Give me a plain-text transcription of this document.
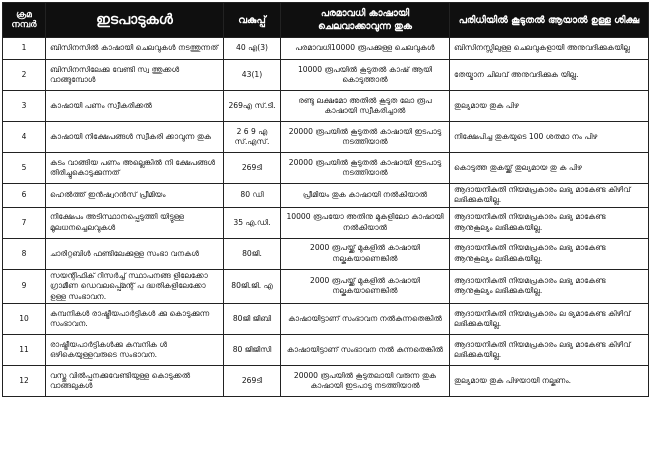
ക്രമ നമ്പർ	ഇടപാടുകൾ	വകുപ്പ്	പരമാവധി കാഷായി ചെലവാക്കാവുന്ന തുക	പരിധിയിൽ കൂടുതൽ ആയാൽ ഉള്ള ശിക്ഷ
1	ബിസിനസിൽ കാഷായി ചെലവുകൾ നടത്തുന്നത്	40 എ(3)	പരമാവധി10000 രൂപക്കുള്ള ചെലവുകൾ	ബിസിനസ്സിലുള്ള ചെലവുകളായി അനുവദിക്കുകയില്ല
2	ബിസിനസിലേക്കു വേണ്ടി സ്വ ത്തുക്കൾ വാങ്ങുമ്പോൾ	43(1)	10000 രൂപയിൽ കൂടുതൽ കാഷ് ആയി കൊടുത്താൽ	തേയ്മാന ചിലവ് അനുവദിക്കുക യില്ല.
3	കാഷായി പണം സ്വീകരിക്കൽ	269എ സ്.ടി.	രണ്ടു ലക്ഷമോ അതിൽ കൂടുത ലോ രൂപ കാഷായി സ്വീകരിച്ചാൽ	തുല്യമായ തുക പിഴ
4	കാഷായി നിക്ഷേപങ്ങൾ സ്വീകരി ക്കാവുന്ന തുക	2 6 9 എ സ്.എസ്.	20000 രൂപയിൽ കൂടുതൽ കാഷായി ഇടപാടു നടത്തിയാൽ	നിക്ഷേപിച്ച തുകയുടെ 100 ശതമാ നം പിഴ
5	കടം വാങ്ങിയ പണം അല്ലെങ്കിൽ നി ക്ഷേപങ്ങൾ തിരിച്ചുകൊടുക്കുന്നത്	269ടി	20000 രൂപയിൽ കൂടുതൽ കാഷായി ഇടപാടു നടത്തിയാൽ	കൊടുത്ത തുകയ്ക്ക് തുല്യമായ തു ക പിഴ
6	ഹെൽത്ത് ഇൻഷ്വറൻസ് പ്രീമിയം	80 ഡി	പ്രീമിയം തുക കാഷായി നൽകിയാൽ	ആദായനികുതി നിയമപ്രകാരം ലഭ്യ മാകേണ്ട കിഴിവ് ലഭിക്കുകയില്ല.
7	നിക്ഷേപം അടിസ്ഥാനപ്പെടുത്തി യിട്ടുള്ള മൂലധനച്ചെലവുകൾ	35 എ.ഡി.	10000 രൂപയോ അതിനു മുകളിലോ കാഷായി നൽകിയാൽ	ആദായനികുതി നിയമപ്രകാരം ലഭ്യ മാകേണ്ട ആനുകൂല്യം ലഭിക്കുകയില്ല.
8	ചാരിറ്റബിൾ ഫണ്ടിലേക്കുള്ള സംഭാ വനകൾ	80ജി.	2000 രൂപയ്ക്ക് മുകളിൽ കാഷായി നല്കുകയാണെങ്കിൽ	ആദായനികുതി നിയമപ്രകാരം ലഭ്യ മാകേണ്ട ആനുകൂല്യം ലഭിക്കുകയില്ല.
9	സയന്റിഫിക് റിസർച്ച് സ്ഥാപനങ്ങ ളിലേക്കോ ഗ്രാമീണ ഡെവലപ്പ്മെന്റ് പ ദ്ധതികളിലേക്കോ ഉള്ള സംഭാവന.	80ജി.ജി. എ	2000 രൂപയ്ക്ക് മുകളിൽ കാഷായി നല്കുകയാണെങ്കിൽ	ആദായനികുതി നിയമപ്രകാരം ലഭ്യ മാകേണ്ട ആനുകൂല്യം ലഭിക്കുകയില്ല.
10	കമ്പനികൾ രാഷ്ട്രീയപാർട്ടികൾ ക്കു കൊടുക്കുന്ന സംഭാവന.	80ജി ജിബി	കാഷായിട്ടാണ് സംഭാവന നൽകുന്നതെങ്കിൽ	ആദായനികുതി നിയമപ്രകാരം ല ഭ്യമാകേണ്ട കിഴിവ് ലഭിക്കുകയില്ല.
11	രാഷ്ട്രീയപാർട്ടികൾക്കു കമ്പനിക ൾ ഒഴികെയുള്ളവരുടെ സംഭാവന.	80 ജിജിസി	കാഷായിട്ടാണ് സംഭാവന നൽ കുന്നതെങ്കിൽ	ആദായനികുതി നിയമപ്രകാരം ലഭ്യ മാകേണ്ട കിഴിവ് ലഭിക്കുകയില്ല.
12	വസ്തു വിൽപ്പനക്കുവേണ്ടിയുള്ള കൊടുക്കൽ വാങ്ങലുകൾ	269ടി	20000 രൂപയിൽ കൂടുതലായി വരുന്ന തുക കാഷായി ഇടപാടു നടത്തിയാൽ	തുല്യമായ തുക പിഴയായി നല്കണം.
